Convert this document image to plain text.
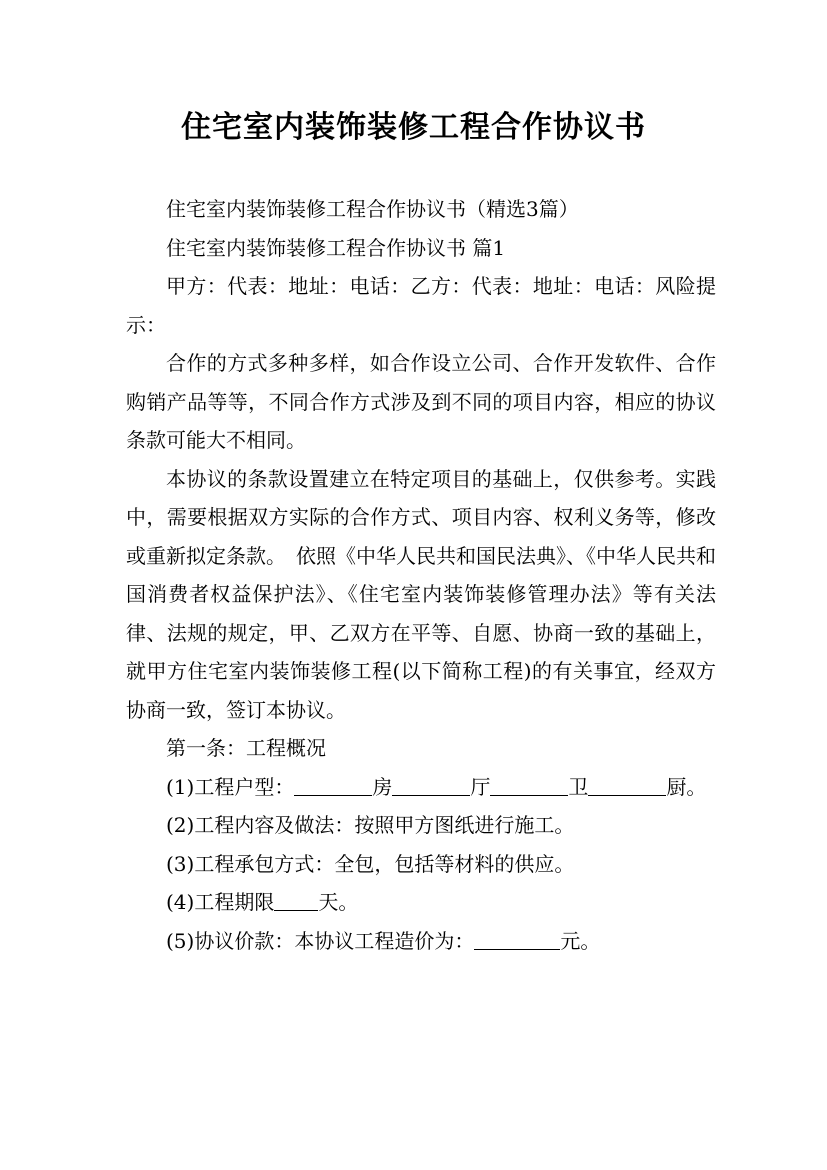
住宅室内装饰装修工程合作协议书

住宅室内装饰装修工程合作协议书（精选3篇）

住宅室内装饰装修工程合作协议书 篇1

甲方：代表：地址：电话：乙方：代表：地址：电话：风险提示：

合作的方式多种多样，如合作设立公司、合作开发软件、合作购销产品等等，不同合作方式涉及到不同的项目内容，相应的协议条款可能大不相同。

本协议的条款设置建立在特定项目的基础上，仅供参考。实践中，需要根据双方实际的合作方式、项目内容、权利义务等，修改或重新拟定条款。　依照《中华人民共和国民法典》、《中华人民共和国消费者权益保护法》、《住宅室内装饰装修管理办法》等有关法律、法规的规定，甲、乙双方在平等、自愿、协商一致的基础上，就甲方住宅室内装饰装修工程(以下简称工程)的有关事宜，经双方协商一致，签订本协议。

第一条：工程概况

(1)工程户型：	房	厅	卫	厨。

(2)工程内容及做法：按照甲方图纸进行施工。

(3)工程承包方式：全包，包括等材料的供应。

(4)工程期限 天。

(5)协议价款：本协议工程造价为：	元。
